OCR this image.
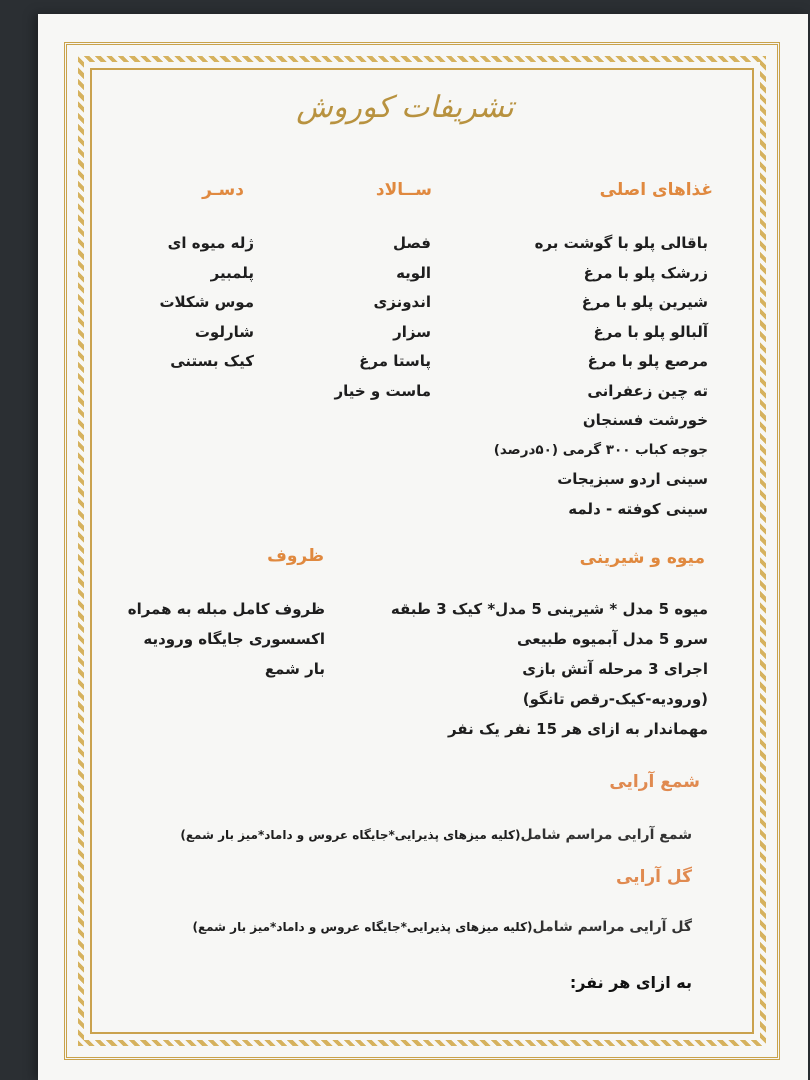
تشریفات کوروش
غذاهای اصلی
باقالی پلو با گوشت بره
زرشک پلو با مرغ
شیرین پلو با مرغ
آلبالو پلو با مرغ
مرصع پلو با مرغ
ته چین زعفرانی
خورشت فسنجان
جوجه کباب ۳۰۰ گرمی (۵۰درصد)
سینی اردو سبزیجات
سینی کوفته - دلمه
ســالاد
فصل
الویه
اندونزی
سزار
پاستا مرغ
ماست و خیار
دسـر
ژله میوه ای
پلمبیر
موس شکلات
شارلوت
کیک بستنی
میوه و شیرینی
میوه 5 مدل * شیرینی 5 مدل* کیک 3 طبقه
سرو 5 مدل آبمیوه طبیعی
اجرای 3 مرحله آتش بازی
(ورودیه-کیک-رقص تانگو)
مهماندار به ازای هر 15 نفر یک نفر
ظروف
ظروف کامل مبله به همراه
اکسسوری جایگاه ورودیه
بار شمع
شمع آرایی
شمع آرایی مراسم شامل(کلیه میزهای پذیرایی*جایگاه عروس و داماد*میز بار شمع)
گل آرایی
گل آرایی مراسم شامل(کلیه میزهای پذیرایی*جایگاه عروس و داماد*میز بار شمع)
به ازای هر نفر:
